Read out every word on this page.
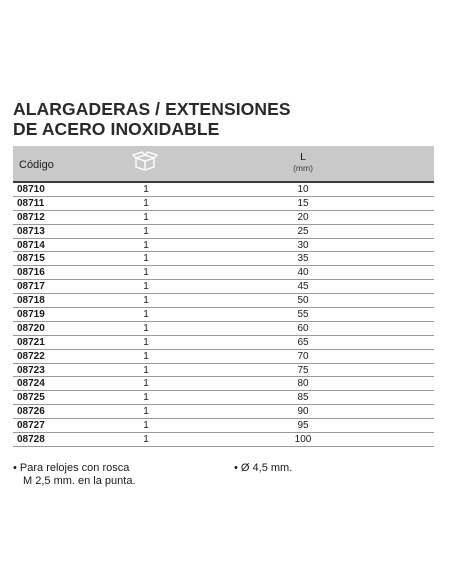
ALARGADERAS / EXTENSIONES
DE ACERO INOXIDABLE
Código
L
(mm)
08710	1	10
08711	1	15
08712	1	20
08713	1	25
08714	1	30
08715	1	35
08716	1	40
08717	1	45
08718	1	50
08719	1	55
08720	1	60
08721	1	65
08722	1	70
08723	1	75
08724	1	80
08725	1	85
08726	1	90
08727	1	95
08728	1	100
• Para relojes con rosca
M 2,5 mm. en la punta.
• Ø 4,5 mm.
